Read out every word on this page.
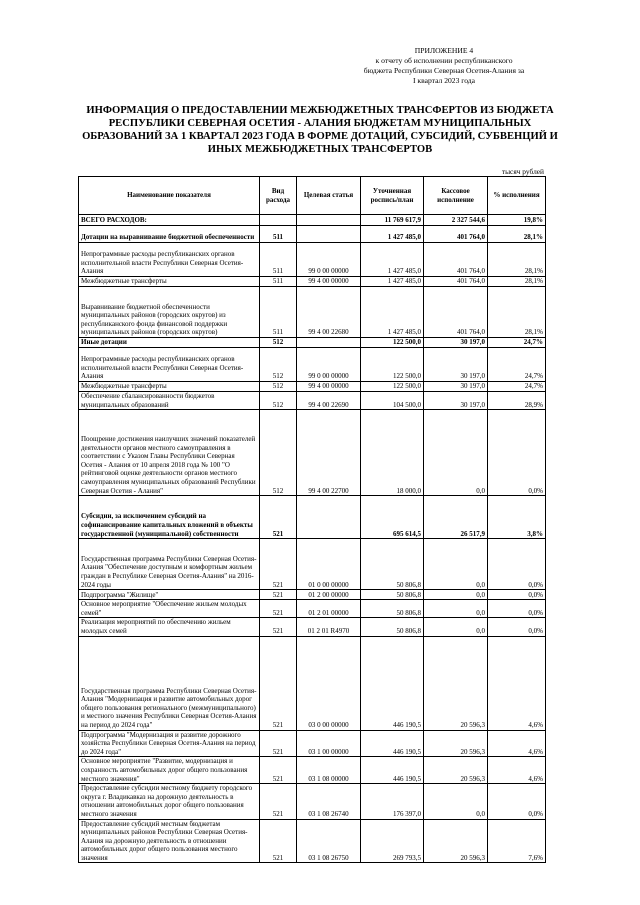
ПРИЛОЖЕНИЕ 4
к отчету об исполнении республиканского
бюджета Республики Северная Осетия-Алания за
I квартал 2023 года
ИНФОРМАЦИЯ О ПРЕДОСТАВЛЕНИИ МЕЖБЮДЖЕТНЫХ ТРАНСФЕРТОВ ИЗ БЮДЖЕТА
РЕСПУБЛИКИ СЕВЕРНАЯ ОСЕТИЯ - АЛАНИЯ БЮДЖЕТАМ МУНИЦИПАЛЬНЫХ
ОБРАЗОВАНИЙ ЗА 1 КВАРТАЛ 2023 ГОДА В ФОРМЕ ДОТАЦИЙ, СУБСИДИЙ, СУБВЕНЦИЙ И
ИНЫХ МЕЖБЮДЖЕТНЫХ ТРАНСФЕРТОВ
тысяч рублей
Наименование показателя	Вид расхода	Целевая статья	Уточненная роспись/план	Кассовое исполнение	% исполнения
ВСЕГО РАСХОДОВ:			11 769 617,9	2 327 544,6	19,8%
Дотации на выравнивание бюджетной обеспеченности	511		1 427 485,0	401 764,0	28,1%
Непрограммные расходы республиканских органов исполнительной власти Республики Северная Осетия-Алания	511	99 0 00 00000	1 427 485,0	401 764,0	28,1%
Межбюджетные трансферты	511	99 4 00 00000	1 427 485,0	401 764,0	28,1%
Выравнивание бюджетной обеспеченности муниципальных районов (городских округов) из республиканского фонда финансовой поддержки муниципальных районов (городских округов)	511	99 4 00 22680	1 427 485,0	401 764,0	28,1%
Иные дотации	512		122 500,0	30 197,0	24,7%
Непрограммные расходы республиканских органов исполнительной власти Республики Северная Осетия-Алания	512	99 0 00 00000	122 500,0	30 197,0	24,7%
Межбюджетные трансферты	512	99 4 00 00000	122 500,0	30 197,0	24,7%
Обеспечение сбалансированности бюджетов муниципальных образований	512	99 4 00 22690	104 500,0	30 197,0	28,9%
Поощрение достижения наилучших значений показателей деятельности органов местного самоуправления в соответствии с Указом Главы Республики Северная Осетия - Алания от 10 апреля 2018 года № 100 "О рейтинговой оценке деятельности органов местного самоуправления муниципальных образований Республики Северная Осетия - Алания"	512	99 4 00 22700	18 000,0	0,0	0,0%
Субсидии, за исключением субсидий на софинансирование капитальных вложений в объекты государственной (муниципальной) собственности	521		695 614,5	26 517,9	3,8%
Государственная программа Республики Северная Осетия-Алания "Обеспечение доступным и комфортным жильем граждан в Республике Северная Осетия-Алания" на 2016-2024 годы	521	01 0 00 00000	50 806,8	0,0	0,0%
Подпрограмма "Жилище"	521	01 2 00 00000	50 806,8	0,0	0,0%
Основное мероприятие "Обеспечение жильем молодых семей"	521	01 2 01 00000	50 806,8	0,0	0,0%
Реализация мероприятий по обеспечению жильем молодых семей	521	01 2 01 R4970	50 806,8	0,0	0,0%
Государственная программа Республики Северная Осетия-Алания "Модернизация и развитие автомобильных дорог общего пользования регионального (межмуниципального) и местного значения Республики Северная Осетия-Алания на период до 2024 года"	521	03 0 00 00000	446 190,5	20 596,3	4,6%
Подпрограмма "Модернизация и развитие дорожного хозяйства Республики Северная Осетия-Алания на период до 2024 года"	521	03 1 00 00000	446 190,5	20 596,3	4,6%
Основное мероприятие "Развитие, модернизация и сохранность автомобильных дорог общего пользования местного значения"	521	03 1 08 00000	446 190,5	20 596,3	4,6%
Предоставление субсидии местному бюджету городского округа г. Владикавказ на дорожную деятельность в отношении автомобильных дорог общего пользования местного значения	521	03 1 08 26740	176 397,0	0,0	0,0%
Предоставление субсидий местным бюджетам муниципальных районов Республики Северная Осетия-Алания на дорожную деятельность в отношении автомобильных дорог общего пользования местного значения	521	03 1 08 26750	269 793,5	20 596,3	7,6%
